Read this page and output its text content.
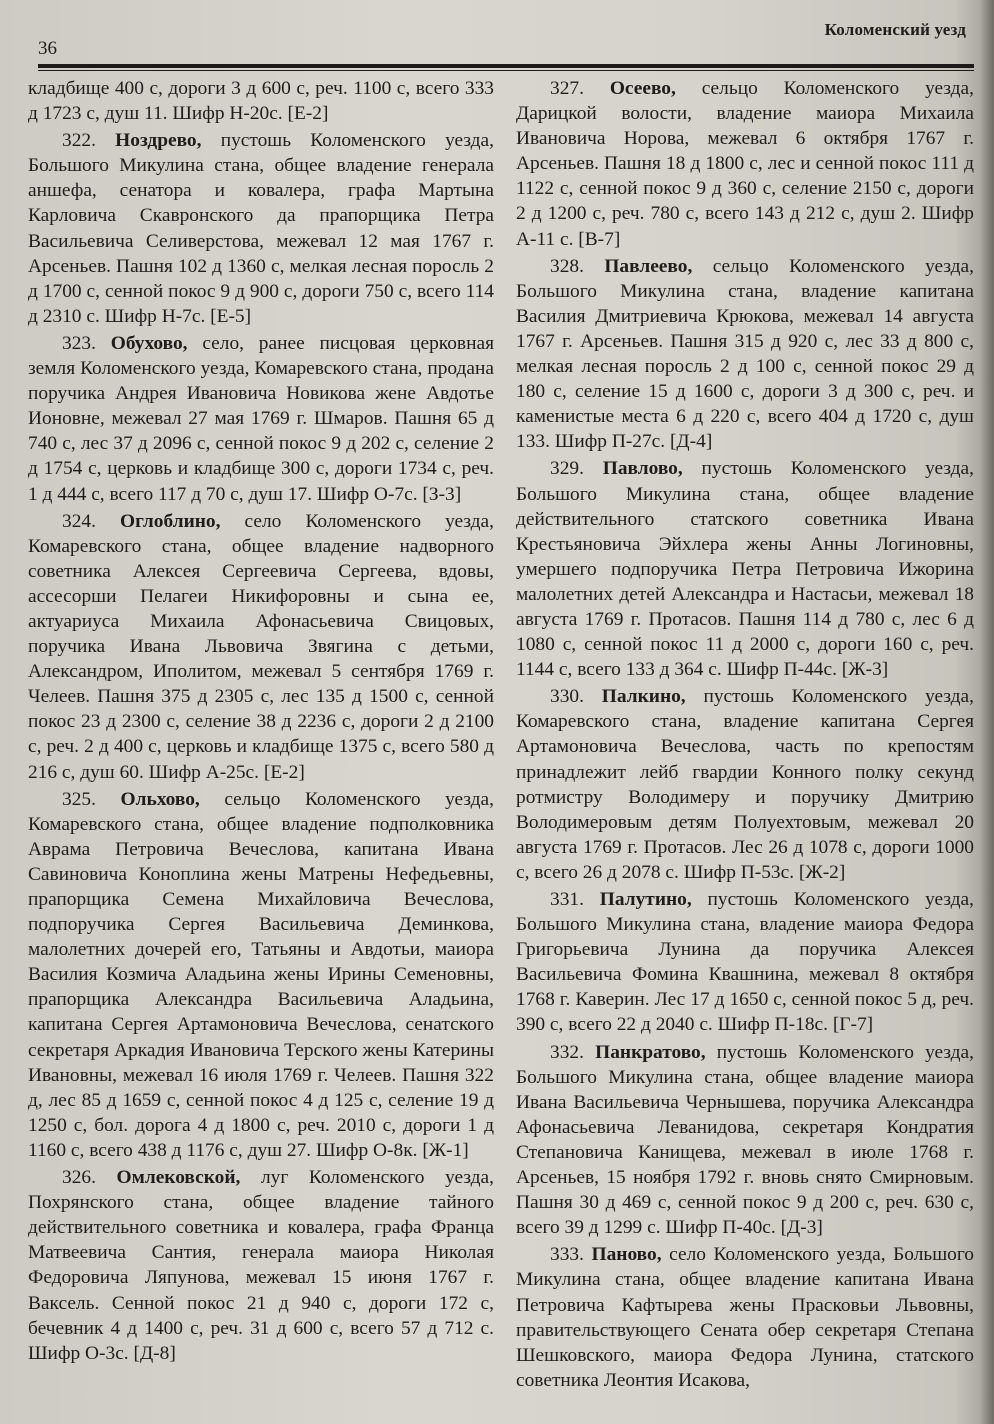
36
Коломенский уезд

кладбище 400 с, дороги 3 д 600 с, реч. 1100 с, всего 333 д 1723 с, душ 11. Шифр Н-20с. [Е-2]

322. Ноздрево, пустошь Коломенского уезда, Большого Микулина стана, общее владение генерала аншефа, сенатора и ковалера, графа Мартына Карловича Скавронского да прапорщика Петра Васильевича Селиверстова, межевал 12 мая 1767 г. Арсеньев. Пашня 102 д 1360 с, мелкая лесная поросль 2 д 1700 с, сенной покос 9 д 900 с, дороги 750 с, всего 114 д 2310 с. Шифр Н-7с. [Е-5]

323. Обухово, село, ранее писцовая церковная земля Коломенского уезда, Комаревского стана, продана поручика Андрея Ивановича Новикова жене Авдотье Ионовне, межевал 27 мая 1769 г. Шмаров. Пашня 65 д 740 с, лес 37 д 2096 с, сенной покос 9 д 202 с, селение 2 д 1754 с, церковь и кладбище 300 с, дороги 1734 с, реч. 1 д 444 с, всего 117 д 70 с, душ 17. Шифр О-7с. [З-3]

324. Оглоблино, село Коломенского уезда, Комаревского стана, общее владение надворного советника Алексея Сергеевича Сергеева, вдовы, ассесорши Пелагеи Никифоровны и сына ее, актуариуса Михаила Афонасьевича Свицовых, поручика Ивана Львовича Звягина с детьми, Александром, Иполитом, межевал 5 сентября 1769 г. Челеев. Пашня 375 д 2305 с, лес 135 д 1500 с, сенной покос 23 д 2300 с, селение 38 д 2236 с, дороги 2 д 2100 с, реч. 2 д 400 с, церковь и кладбище 1375 с, всего 580 д 216 с, душ 60. Шифр А-25с. [Е-2]

325. Ольхово, сельцо Коломенского уезда, Комаревского стана, общее владение подполковника Аврама Петровича Вечеслова, капитана Ивана Савиновича Коноплина жены Матрены Нефедьевны, прапорщика Семена Михайловича Вечеслова, подпоручика Сергея Васильевича Деминкова, малолетних дочерей его, Татьяны и Авдотьи, маиора Василия Козмича Аладьина жены Ирины Семеновны, прапорщика Александра Васильевича Аладьина, капитана Сергея Артамоновича Вечеслова, сенатского секретаря Аркадия Ивановича Терского жены Катерины Ивановны, межевал 16 июля 1769 г. Челеев. Пашня 322 д, лес 85 д 1659 с, сенной покос 4 д 125 с, селение 19 д 1250 с, бол. дорога 4 д 1800 с, реч. 2010 с, дороги 1 д 1160 с, всего 438 д 1176 с, душ 27. Шифр О-8к. [Ж-1]

326. Омлековской, луг Коломенского уезда, Похрянского стана, общее владение тайного действительного советника и ковалера, графа Франца Матвеевича Сантия, генерала маиора Николая Федоровича Ляпунова, межевал 15 июня 1767 г. Ваксель. Сенной покос 21 д 940 с, дороги 172 с, бечевник 4 д 1400 с, реч. 31 д 600 с, всего 57 д 712 с. Шифр О-3с. [Д-8]

327. Осеево, сельцо Коломенского уезда, Дарицкой волости, владение маиора Михаила Ивановича Норова, межевал 6 октября 1767 г. Арсеньев. Пашня 18 д 1800 с, лес и сенной покос 111 д 1122 с, сенной покос 9 д 360 с, селение 2150 с, дороги 2 д 1200 с, реч. 780 с, всего 143 д 212 с, душ 2. Шифр А-11 с. [В-7]

328. Павлеево, сельцо Коломенского уезда, Большого Микулина стана, владение капитана Василия Дмитриевича Крюкова, межевал 14 августа 1767 г. Арсеньев. Пашня 315 д 920 с, лес 33 д 800 с, мелкая лесная поросль 2 д 100 с, сенной покос 29 д 180 с, селение 15 д 1600 с, дороги 3 д 300 с, реч. и каменистые места 6 д 220 с, всего 404 д 1720 с, душ 133. Шифр П-27с. [Д-4]

329. Павлово, пустошь Коломенского уезда, Большого Микулина стана, общее владение действительного статского советника Ивана Крестьяновича Эйхлера жены Анны Логиновны, умершего подпоручика Петра Петровича Ижорина малолетних детей Александра и Настасьи, межевал 18 августа 1769 г. Протасов. Пашня 114 д 780 с, лес 6 д 1080 с, сенной покос 11 д 2000 с, дороги 160 с, реч. 1144 с, всего 133 д 364 с. Шифр П-44с. [Ж-3]

330. Палкино, пустошь Коломенского уезда, Комаревского стана, владение капитана Сергея Артамоновича Вечеслова, часть по крепостям принадлежит лейб гвардии Конного полку секунд ротмистру Володимеру и поручику Дмитрию Володимеровым детям Полуехтовым, межевал 20 августа 1769 г. Протасов. Лес 26 д 1078 с, дороги 1000 с, всего 26 д 2078 с. Шифр П-53с. [Ж-2]

331. Палутино, пустошь Коломенского уезда, Большого Микулина стана, владение маиора Федора Григорьевича Лунина да поручика Алексея Васильевича Фомина Квашнина, межевал 8 октября 1768 г. Каверин. Лес 17 д 1650 с, сенной покос 5 д, реч. 390 с, всего 22 д 2040 с. Шифр П-18с. [Г-7]

332. Панкратово, пустошь Коломенского уезда, Большого Микулина стана, общее владение маиора Ивана Васильевича Чернышева, поручика Александра Афонасьевича Леванидова, секретаря Кондратия Степановича Канищева, межевал в июле 1768 г. Арсеньев, 15 ноября 1792 г. вновь снято Смирновым. Пашня 30 д 469 с, сенной покос 9 д 200 с, реч. 630 с, всего 39 д 1299 с. Шифр П-40с. [Д-3]

333. Паново, село Коломенского уезда, Большого Микулина стана, общее владение капитана Ивана Петровича Кафтырева жены Прасковьи Львовны, правительствующего Сената обер секретаря Степана Шешковского, маиора Федора Лунина, статского советника Леонтия Исакова,
